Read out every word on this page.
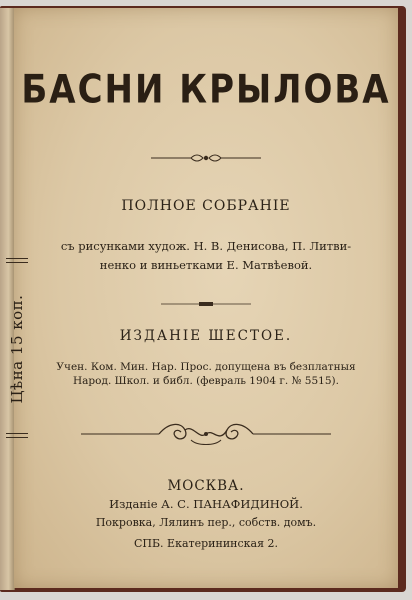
Цѣна 15 коп.
БАСНИ КРЫЛОВА
ПОЛНОЕ СОБРАНIЕ
съ рисунками худож. Н. В. Денисова, П. Литви-
ненко и виньетками Е. Матвѣевой.
ИЗДАНIЕ ШЕСТОЕ.
Учен. Ком. Мин. Нар. Прос. допущена въ безплатныя
Народ. Школ. и библ. (февраль 1904 г. № 5515).
МОСКВА.
Изданiе А. С. ПАНАФИДИНОЙ.
Покровка, Лялинъ пер., собств. домъ.
СПБ. Екатерининская 2.
